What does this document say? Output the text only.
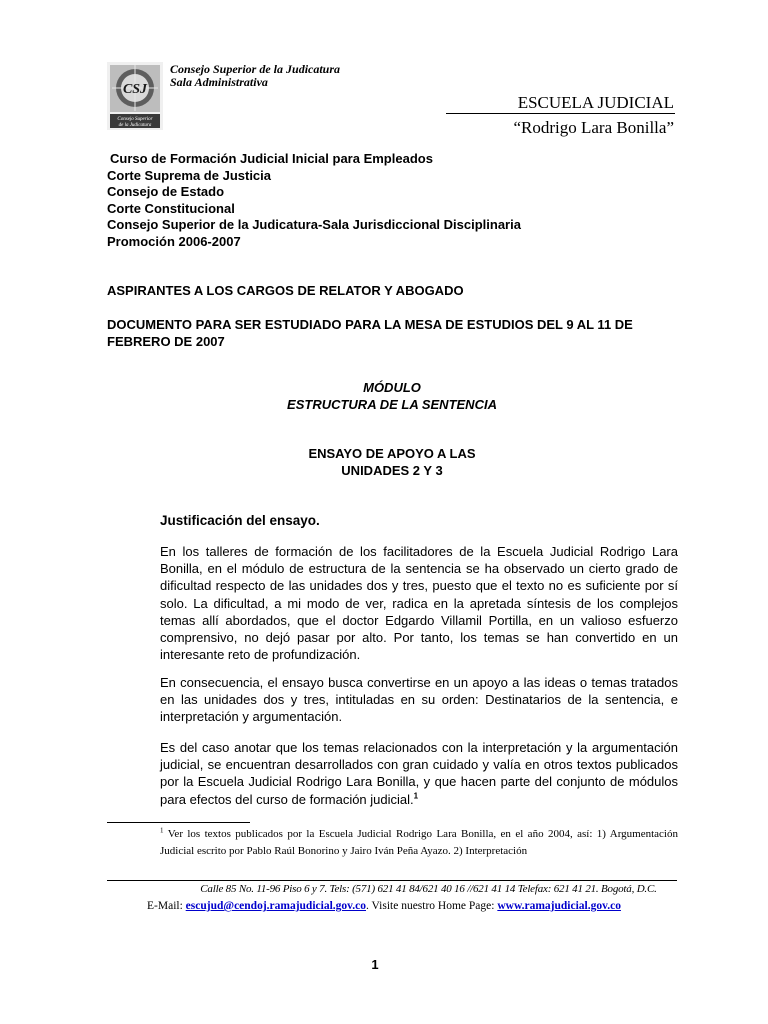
CSJ
Consejo Superior
de la Judicatura
Consejo Superior de la Judicatura
Sala Administrativa
ESCUELA JUDICIAL
“Rodrigo Lara Bonilla”
Curso de Formación Judicial Inicial para Empleados
Corte Suprema de Justicia
Consejo de Estado
Corte Constitucional
Consejo Superior de la Judicatura-Sala Jurisdiccional Disciplinaria
Promoción 2006-2007
ASPIRANTES A LOS CARGOS DE RELATOR Y ABOGADO
DOCUMENTO PARA SER ESTUDIADO PARA LA MESA DE ESTUDIOS DEL 9 AL 11 DE FEBRERO DE 2007
MÓDULO
ESTRUCTURA DE LA SENTENCIA
ENSAYO DE APOYO A LAS
UNIDADES 2 Y 3
Justificación del ensayo.
En los talleres de formación de los facilitadores de la Escuela Judicial Rodrigo Lara Bonilla, en el módulo de estructura de la sentencia se ha observado un cierto grado de dificultad respecto de las unidades dos y tres, puesto que el texto no es suficiente por sí solo. La dificultad, a mi modo de ver, radica en la apretada síntesis de los complejos temas allí abordados, que el doctor Edgardo Villamil Portilla, en un valioso esfuerzo comprensivo, no dejó pasar por alto. Por tanto, los temas se han convertido en un interesante reto de profundización.
En consecuencia, el ensayo busca convertirse en un apoyo a las ideas o temas tratados en las unidades dos y tres, intituladas en su orden: Destinatarios de la sentencia, e interpretación y argumentación.
Es del caso anotar que los temas relacionados con la interpretación y la argumentación judicial, se encuentran desarrollados con gran cuidado y valía en otros textos publicados por la Escuela Judicial Rodrigo Lara Bonilla, y que hacen parte del conjunto de módulos para efectos del curso de formación judicial.$^1$
$^1$ Ver los textos publicados por la Escuela Judicial Rodrigo Lara Bonilla, en el año 2004, así: 1) Argumentación Judicial escrito por Pablo Raúl Bonorino y Jairo Iván Peña Ayazo. 2) Interpretación
Calle 85 No. 11-96 Piso 6 y 7. Tels: (571) 621 41 84/621 40 16 //621 41 14 Telefax: 621 41 21. Bogotá, D.C.
E-Mail: escujud@cendoj.ramajudicial.gov.co. Visite nuestro Home Page: www.ramajudicial.gov.co
1
